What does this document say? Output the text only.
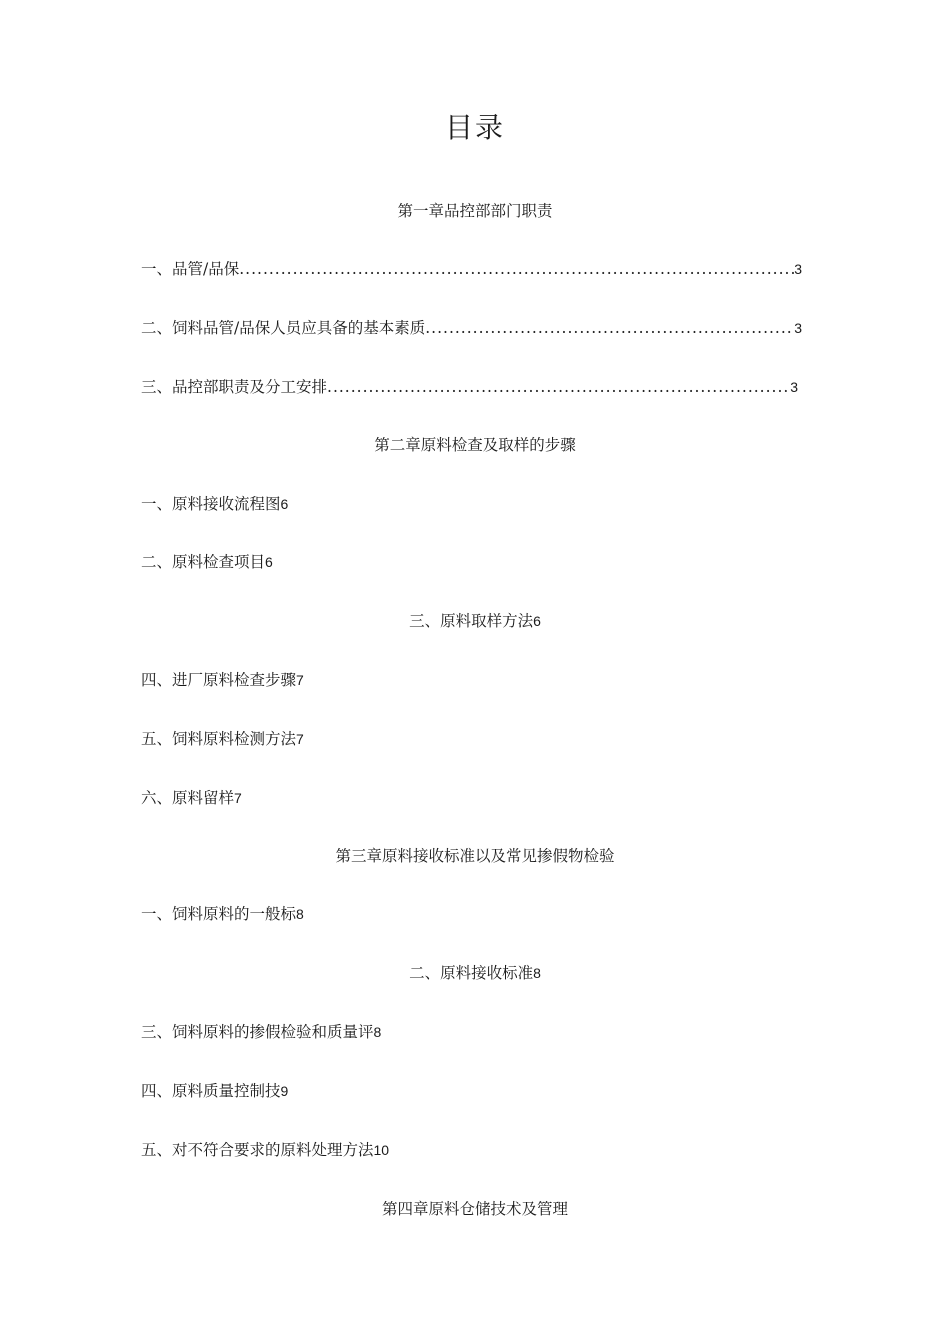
目录
第一章品控部部门职责
一、品管/品保 .....	3
二、饲料品管/品保人员应具备的基本素质 .....	3
三、品控部职责及分工安排 .....	3
第二章原料检查及取样的步骤
一、原料接收流程图6
二、原料检查项目6
三、原料取样方法6
四、进厂原料检查步骤7
五、饲料原料检测方法7
六、原料留样7
第三章原料接收标准以及常见掺假物检验
一、饲料原料的一般标8
二、原料接收标准8
三、饲料原料的掺假检验和质量评8
四、原料质量控制技9
五、对不符合要求的原料处理方法10
第四章原料仓储技术及管理
